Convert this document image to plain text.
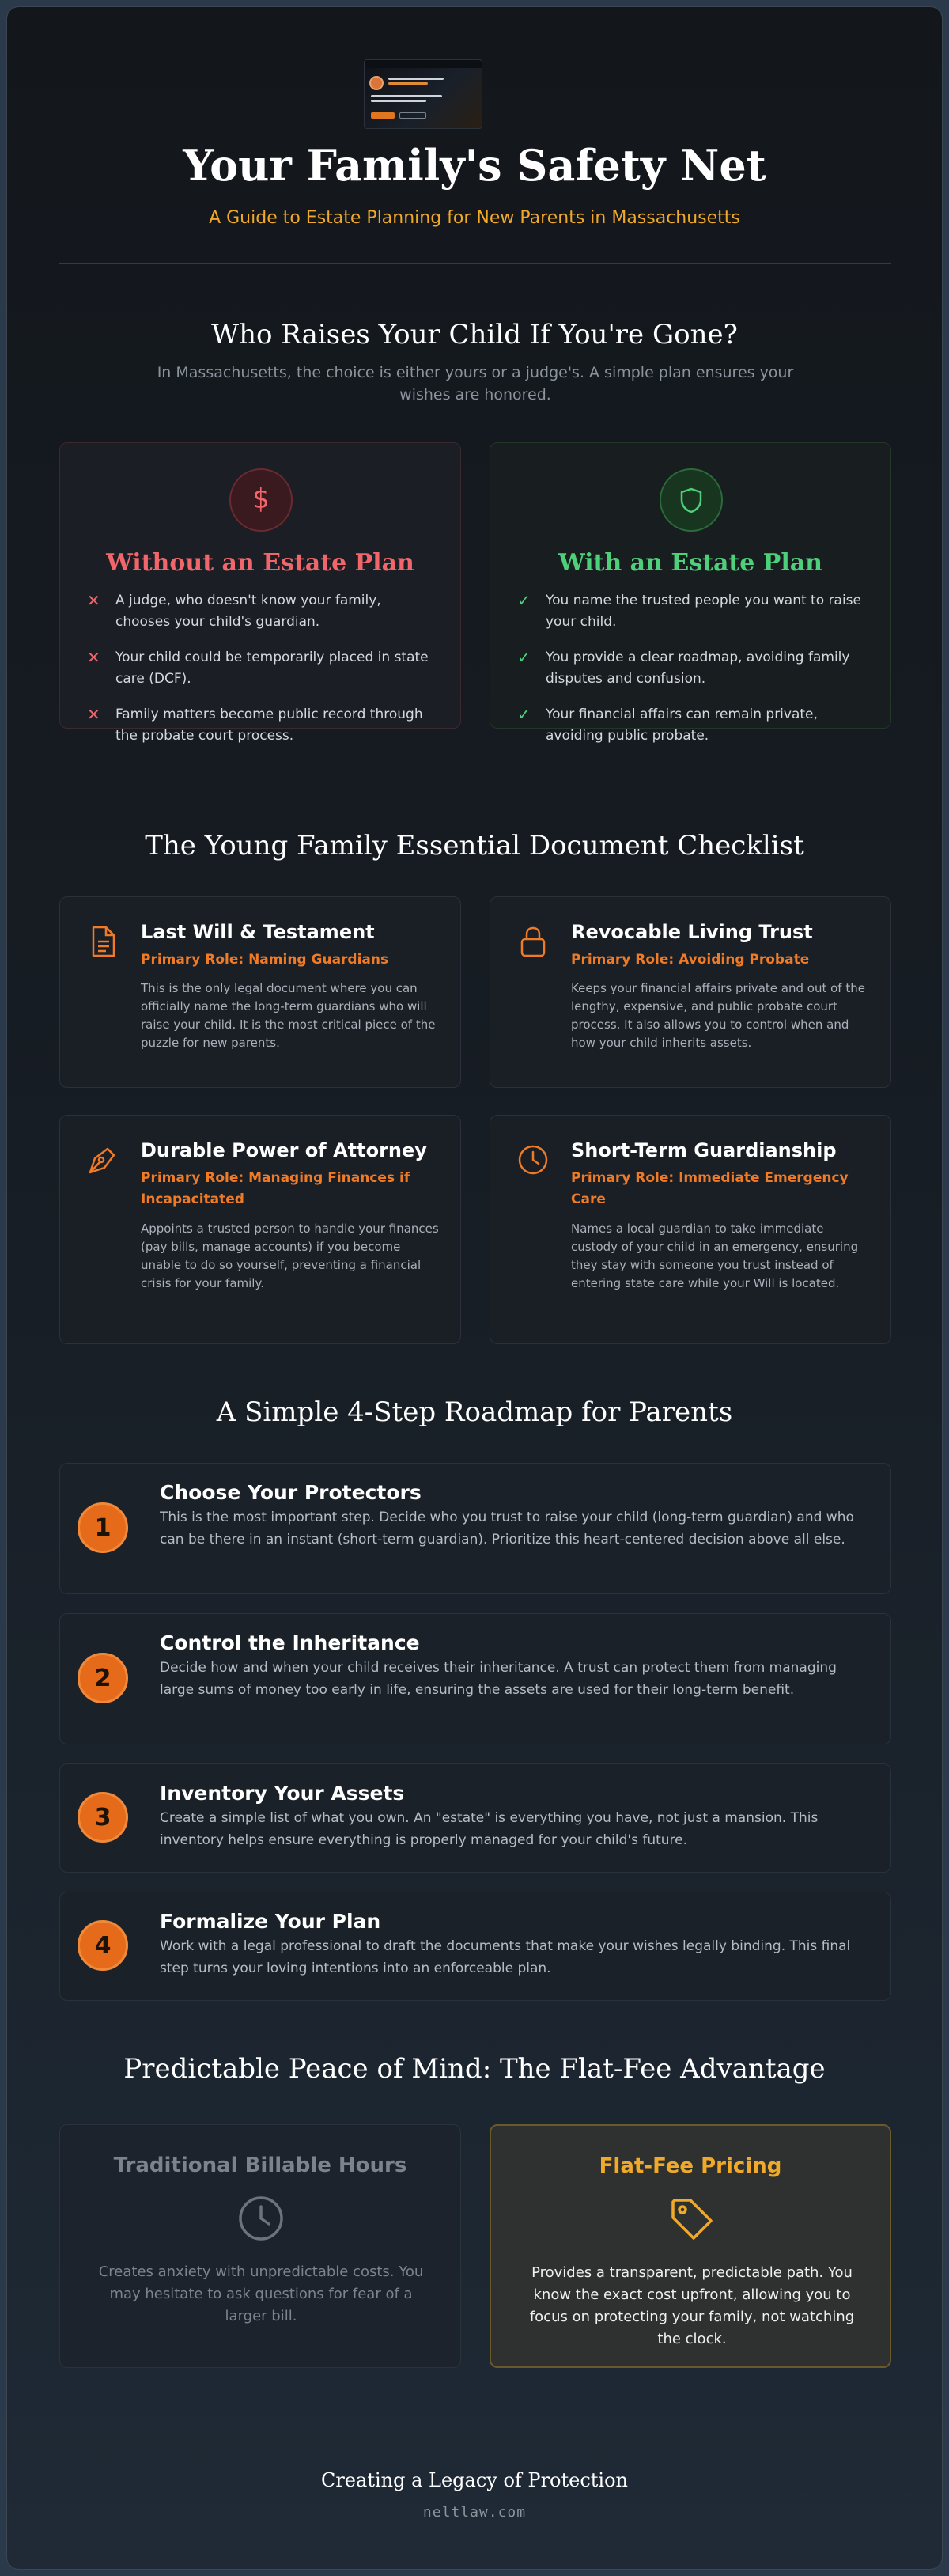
Your Family's Safety Net
A Guide to Estate Planning for New Parents in Massachusetts
Who Raises Your Child If You're Gone?
In Massachusetts, the choice is either yours or a judge's. A simple plan ensures your wishes are honored.
$
Without an Estate Plan
✕	A judge, who doesn't know your family, chooses your child's guardian.
✕	Your child could be temporarily placed in state care (DCF).
✕	Family matters become public record through the probate court process.
With an Estate Plan
✓	You name the trusted people you want to raise your child.
✓	You provide a clear roadmap, avoiding family disputes and confusion.
✓	Your financial affairs can remain private, avoiding public probate.
The Young Family Essential Document Checklist
Last Will & Testament
Primary Role: Naming Guardians
This is the only legal document where you can officially name the long-term guardians who will raise your child. It is the most critical piece of the puzzle for new parents.
Revocable Living Trust
Primary Role: Avoiding Probate
Keeps your financial affairs private and out of the lengthy, expensive, and public probate court process. It also allows you to control when and how your child inherits assets.
Durable Power of Attorney
Primary Role: Managing Finances if Incapacitated
Appoints a trusted person to handle your finances (pay bills, manage accounts) if you become unable to do so yourself, preventing a financial crisis for your family.
Short-Term Guardianship
Primary Role: Immediate Emergency Care
Names a local guardian to take immediate custody of your child in an emergency, ensuring they stay with someone you trust instead of entering state care while your Will is located.
A Simple 4-Step Roadmap for Parents
1
Choose Your Protectors

This is the most important step. Decide who you trust to raise your child (long-term guardian) and who can be there in an instant (short-term guardian). Prioritize this heart-centered decision above all else.

2
Control the Inheritance

Decide how and when your child receives their inheritance. A trust can protect them from managing large sums of money too early in life, ensuring the assets are used for their long-term benefit.

3
Inventory Your Assets

Create a simple list of what you own. An "estate" is everything you have, not just a mansion. This inventory helps ensure everything is properly managed for your child's future.

4
Formalize Your Plan

Work with a legal professional to draft the documents that make your wishes legally binding. This final step turns your loving intentions into an enforceable plan.

Predictable Peace of Mind: The Flat-Fee Advantage
Traditional Billable Hours

Creates anxiety with unpredictable costs. You may hesitate to ask questions for fear of a larger bill.

Flat-Fee Pricing

Provides a transparent, predictable path. You know the exact cost upfront, allowing you to focus on protecting your family, not watching the clock.

Creating a Legacy of Protection
neltlaw.com
